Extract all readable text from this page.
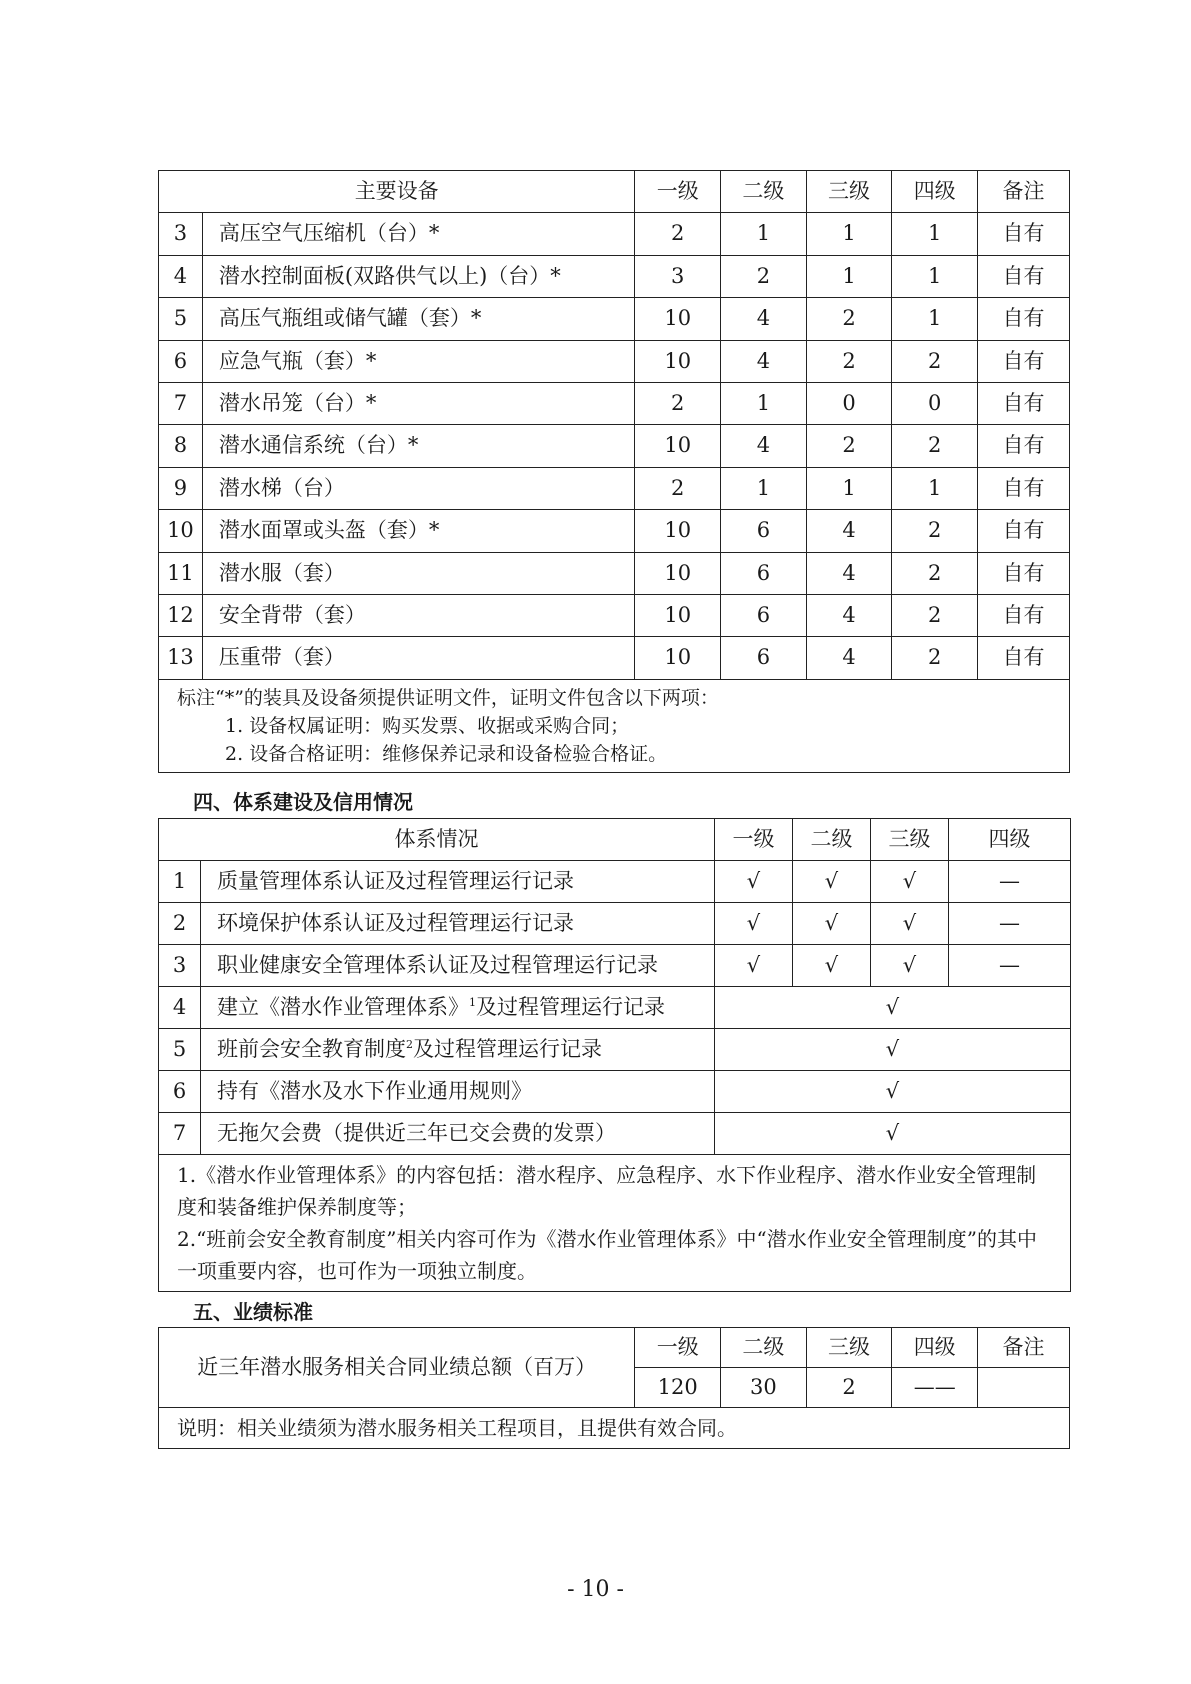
主要设备		一级	二级	三级	四级	备注
3	高压空气压缩机（台）*	2	1	1	1	自有
4	潜水控制面板(双路供气以上)（台）*	3	2	1	1	自有
5	高压气瓶组或储气罐（套）*	10	4	2	1	自有
6	应急气瓶（套）*	10	4	2	2	自有
7	潜水吊笼（台）*	2	1	0	0	自有
8	潜水通信系统（台）*	10	4	2	2	自有
9	潜水梯（台）	2	1	1	1	自有
10	潜水面罩或头盔（套）*	10	6	4	2	自有
11	潜水服（套）	10	6	4	2	自有
12	安全背带（套）	10	6	4	2	自有
13	压重带（套）	10	6	4	2	自有
标注“*”的装具及设备须提供证明文件，证明文件包含以下两项：
1. 设备权属证明：购买发票、收据或采购合同；
2. 设备合格证明：维修保养记录和设备检验合格证。						
四、体系建设及信用情况
体系情况		一级	二级	三级	四级
1	质量管理体系认证及过程管理运行记录	√	√	√	—
2	环境保护体系认证及过程管理运行记录	√	√	√	—
3	职业健康安全管理体系认证及过程管理运行记录	√	√	√	—
4	建立《潜水作业管理体系》$^1$及过程管理运行记录	√			
5	班前会安全教育制度$^2$及过程管理运行记录	√			
6	持有《潜水及水下作业通用规则》	√			
7	无拖欠会费（提供近三年已交会费的发票）	√			

1.《潜水作业管理体系》的内容包括：潜水程序、应急程序、水下作业程序、潜水作业安全管理制度和装备维护保养制度等；
2.“班前会安全教育制度”相关内容可作为《潜水作业管理体系》中“潜水作业安全管理制度”的其中一项重要内容，也可作为一项独立制度。					
五、业绩标准
近三年潜水服务相关合同业绩总额（百万）	一级	二级	三级	四级	备注
	120	30	2	——	
说明：相关业绩须为潜水服务相关工程项目，且提供有效合同。					
- 10 -
